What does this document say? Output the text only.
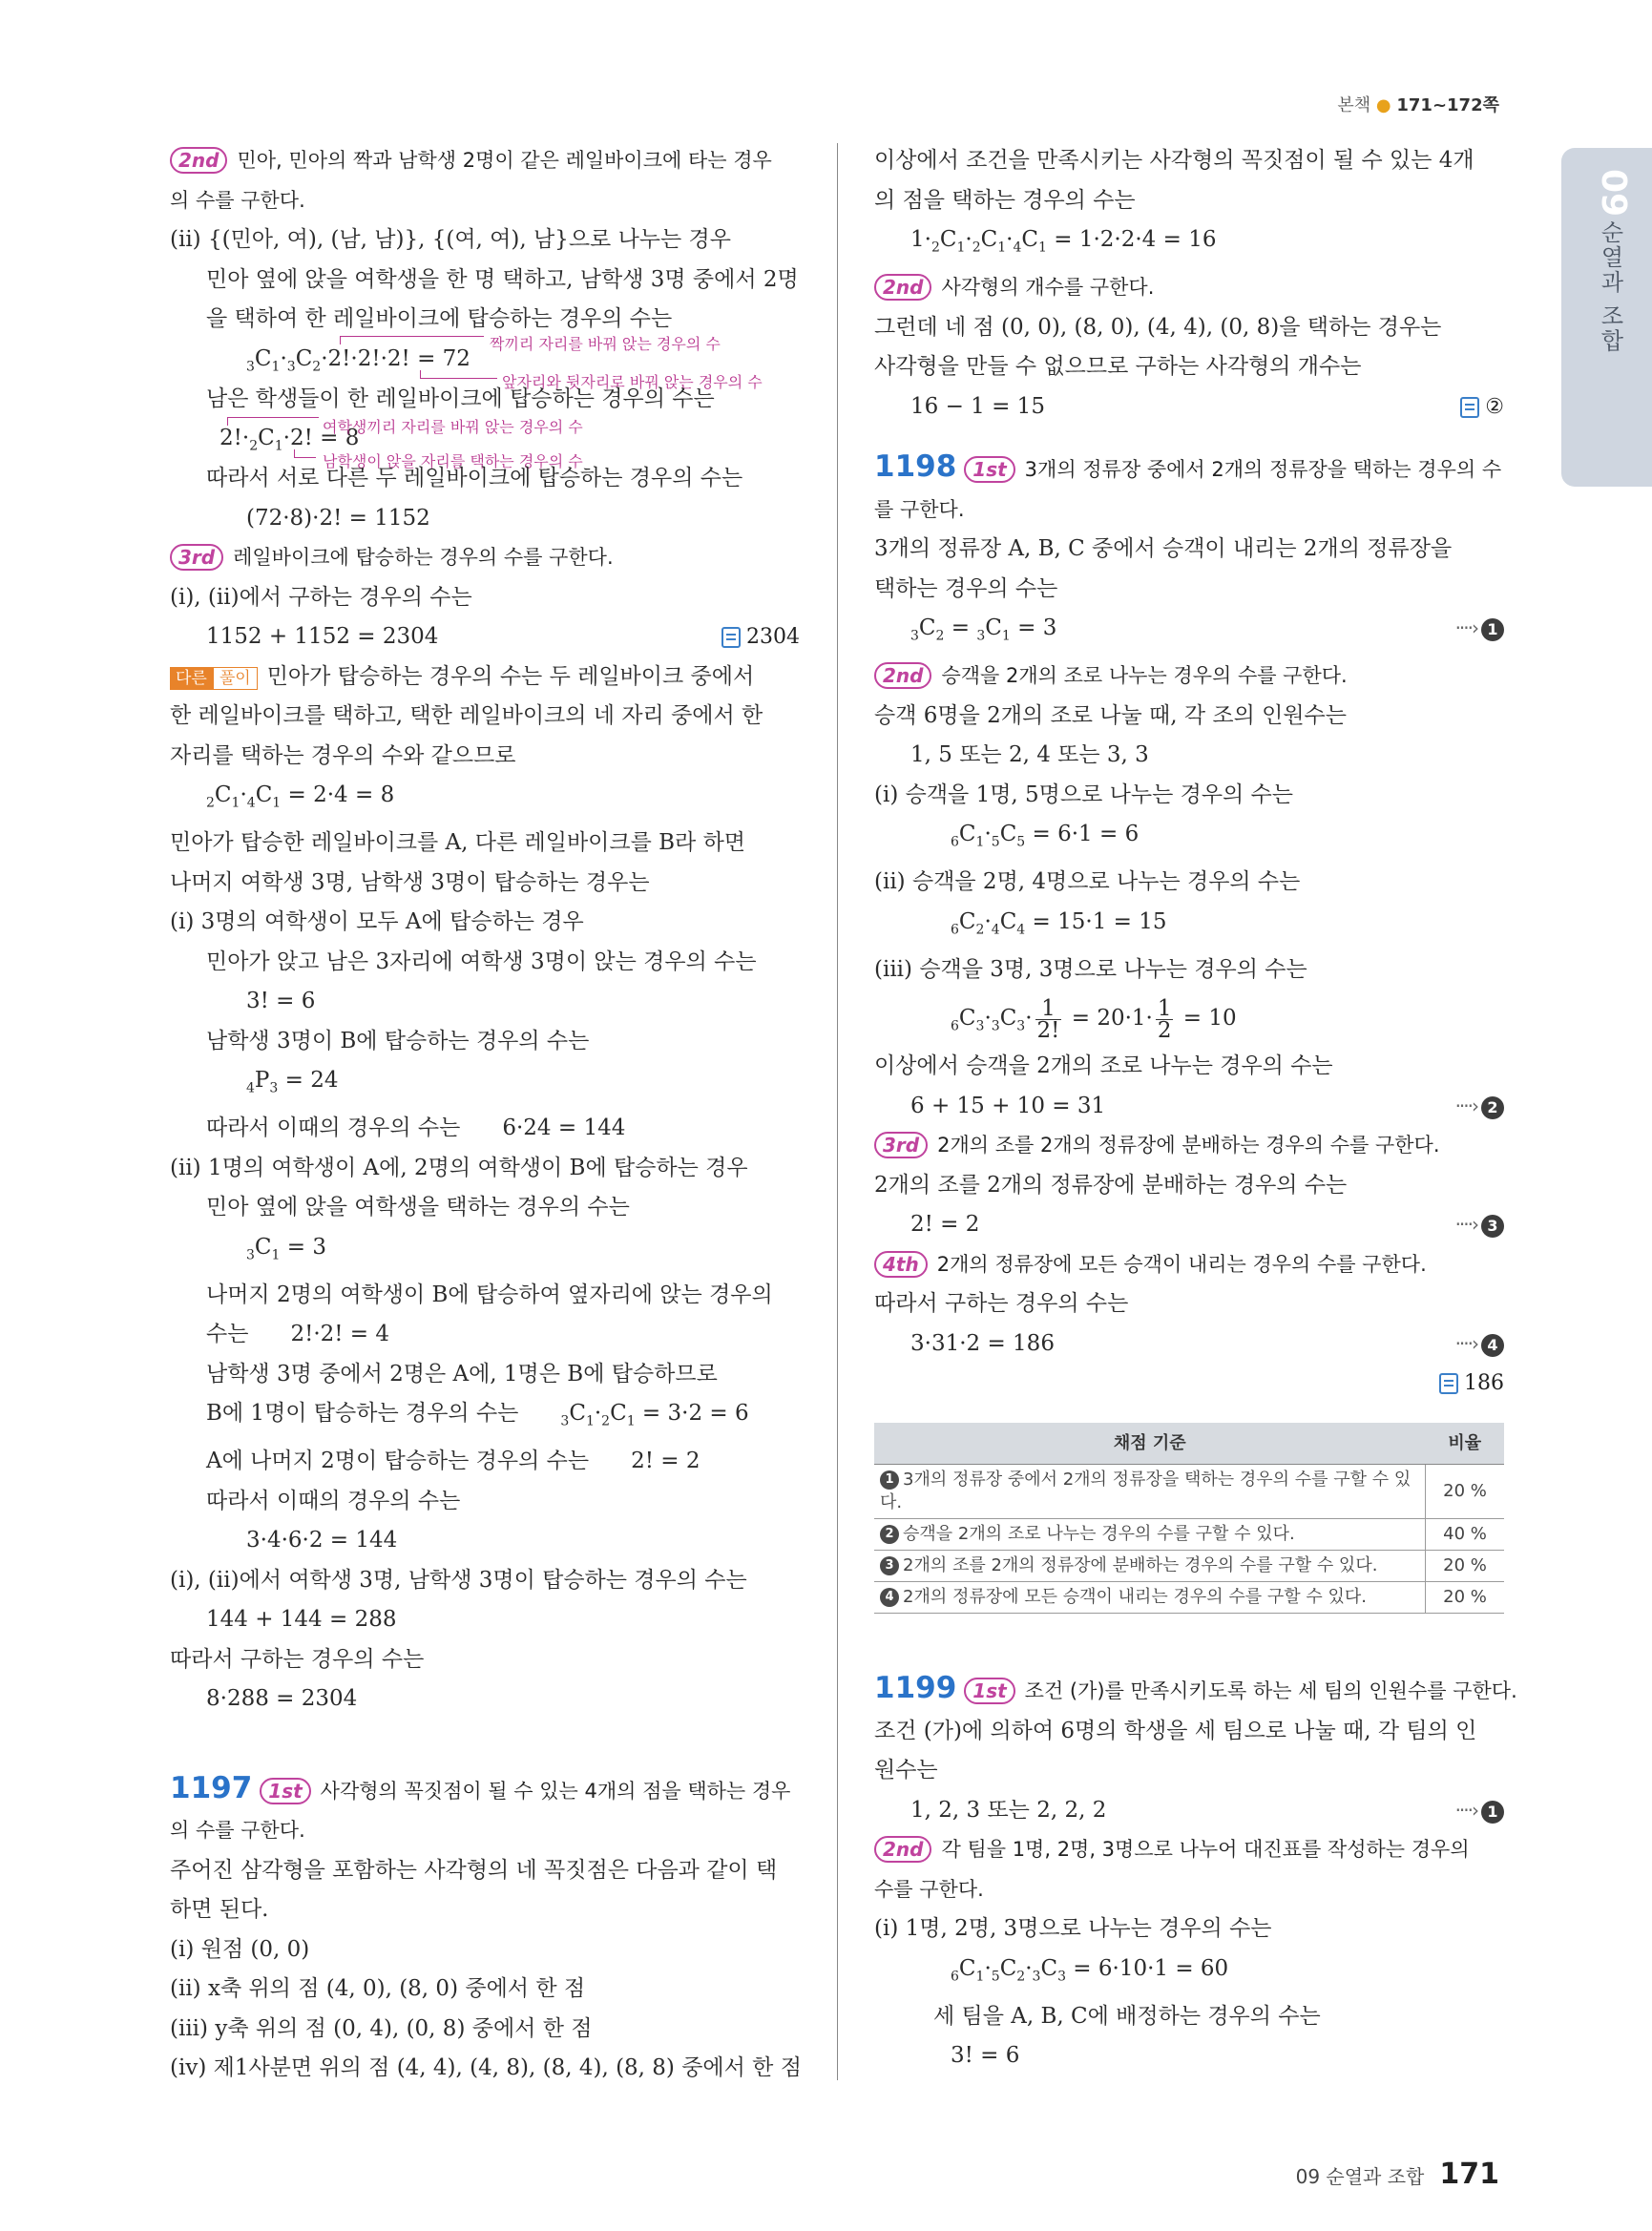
본책 ● 171~172쪽
09
순열과 조합
2nd 민아, 민아의 짝과 남학생 2명이 같은 레일바이크에 타는 경우
의 수를 구한다.
(ii) {(민아, 여), (남, 남)}, {(여, 여), 남}으로 나누는 경우
민아 옆에 앉을 여학생을 한 명 택하고, 남학생 3명 중에서 2명
을 택하여 한 레일바이크에 탑승하는 경우의 수는
$_3C_1\cdot_3C_2\cdot 2!\cdot 2!\cdot 2$! = 72
짝끼리 자리를 바꿔 앉는 경우의 수
앞자리와 뒷자리로 바꿔 앉는 경우의 수
남은 학생들이 한 레일바이크에 탑승하는 경우의 수는
$2!\cdot_2C_1\cdot 2$! = 8
여학생끼리 자리를 바꿔 앉는 경우의 수
남학생이 앉을 자리를 택하는 경우의 수
따라서 서로 다른 두 레일바이크에 탑승하는 경우의 수는
(72·8)·2! = 1152
3rd 레일바이크에 탑승하는 경우의 수를 구한다.
(i), (ii)에서 구하는 경우의 수는
1152 + 1152 = 2304	2304
다른 풀이 민아가 탑승하는 경우의 수는 두 레일바이크 중에서
한 레일바이크를 택하고, 택한 레일바이크의 네 자리 중에서 한
자리를 택하는 경우의 수와 같으므로
$_2C_1\cdot_4C_1 = 2\cdot 4 = 8$
민아가 탑승한 레일바이크를 A, 다른 레일바이크를 B라 하면
나머지 여학생 3명, 남학생 3명이 탑승하는 경우는
(i) 3명의 여학생이 모두 A에 탑승하는 경우
민아가 앉고 남은 3자리에 여학생 3명이 앉는 경우의 수는
3! = 6
남학생 3명이 B에 탑승하는 경우의 수는
$_4P_3 = 24$
따라서 이때의 경우의 수는 6·24 = 144
(ii) 1명의 여학생이 A에, 2명의 여학생이 B에 탑승하는 경우
민아 옆에 앉을 여학생을 택하는 경우의 수는
$_3C_1 = 3$
나머지 2명의 여학생이 B에 탑승하여 옆자리에 앉는 경우의
수는 2!·2! = 4
남학생 3명 중에서 2명은 A에, 1명은 B에 탑승하므로
B에 1명이 탑승하는 경우의 수는	$_3C_1\cdot_2C_1 = 3\cdot 2 = 6$
A에 나머지 2명이 탑승하는 경우의 수는 2! = 2
따라서 이때의 경우의 수는
3·4·6·2 = 144
(i), (ii)에서 여학생 3명, 남학생 3명이 탑승하는 경우의 수는
144 + 144 = 288
따라서 구하는 경우의 수는
8·288 = 2304
1197 1st 사각형의 꼭짓점이 될 수 있는 4개의 점을 택하는 경우
의 수를 구한다.
주어진 삼각형을 포함하는 사각형의 네 꼭짓점은 다음과 같이 택
하면 된다.
(i) 원점 (0, 0)
(ii) x축 위의 점 (4, 0), (8, 0) 중에서 한 점
(iii) y축 위의 점 (0, 4), (0, 8) 중에서 한 점
(iv) 제1사분면 위의 점 (4, 4), (4, 8), (8, 4), (8, 8) 중에서 한 점
이상에서 조건을 만족시키는 사각형의 꼭짓점이 될 수 있는 4개
의 점을 택하는 경우의 수는
$1\cdot_2C_1\cdot_2C_1\cdot_4C_1 = 1\cdot 2\cdot 2\cdot 4 = 16$
2nd 사각형의 개수를 구한다.
그런데 네 점 (0, 0), (8, 0), (4, 4), (0, 8)을 택하는 경우는
사각형을 만들 수 없으므로 구하는 사각형의 개수는
16 − 1 = 15	②
1198 1st 3개의 정류장 중에서 2개의 정류장을 택하는 경우의 수
를 구한다.
3개의 정류장 A, B, C 중에서 승객이 내리는 2개의 정류장을
택하는 경우의 수는
$_3C_2 = _3C_1 = 3$	····› 1
2nd 승객을 2개의 조로 나누는 경우의 수를 구한다.
승객 6명을 2개의 조로 나눌 때, 각 조의 인원수는
1, 5 또는 2, 4 또는 3, 3
(i) 승객을 1명, 5명으로 나누는 경우의 수는
$_6C_1\cdot_5C_5 = 6\cdot 1 = 6$
(ii) 승객을 2명, 4명으로 나누는 경우의 수는
$_6C_2\cdot_4C_4 = 15\cdot 1 = 15$
(iii) 승객을 3명, 3명으로 나누는 경우의 수는
$_6C_3\cdot_3C_3\cdot \frac{1}{2!} = 20\cdot 1\cdot \frac{1}{2} = 10$
이상에서 승객을 2개의 조로 나누는 경우의 수는
6 + 15 + 10 = 31	····› 2
3rd 2개의 조를 2개의 정류장에 분배하는 경우의 수를 구한다.
2개의 조를 2개의 정류장에 분배하는 경우의 수는
2! = 2	····› 3
4th 2개의 정류장에 모든 승객이 내리는 경우의 수를 구한다.
따라서 구하는 경우의 수는
3·31·2 = 186	····› 4
186

채점 기준	비율
1 3개의 정류장 중에서 2개의 정류장을 택하는 경우의 수를 구할 수 있다.	20 %
2 승객을 2개의 조로 나누는 경우의 수를 구할 수 있다.	40 %
3 2개의 조를 2개의 정류장에 분배하는 경우의 수를 구할 수 있다.	20 %
4 2개의 정류장에 모든 승객이 내리는 경우의 수를 구할 수 있다.	20 %
1199 1st 조건 (가)를 만족시키도록 하는 세 팀의 인원수를 구한다.
조건 (가)에 의하여 6명의 학생을 세 팀으로 나눌 때, 각 팀의 인
원수는
1, 2, 3 또는 2, 2, 2	····› 1
2nd 각 팀을 1명, 2명, 3명으로 나누어 대진표를 작성하는 경우의
수를 구한다.
(i) 1명, 2명, 3명으로 나누는 경우의 수는
$_6C_1\cdot_5C_2\cdot_3C_3 = 6\cdot 10\cdot 1 = 60$
세 팀을 A, B, C에 배정하는 경우의 수는
3! = 6
09 순열과 조합 171
